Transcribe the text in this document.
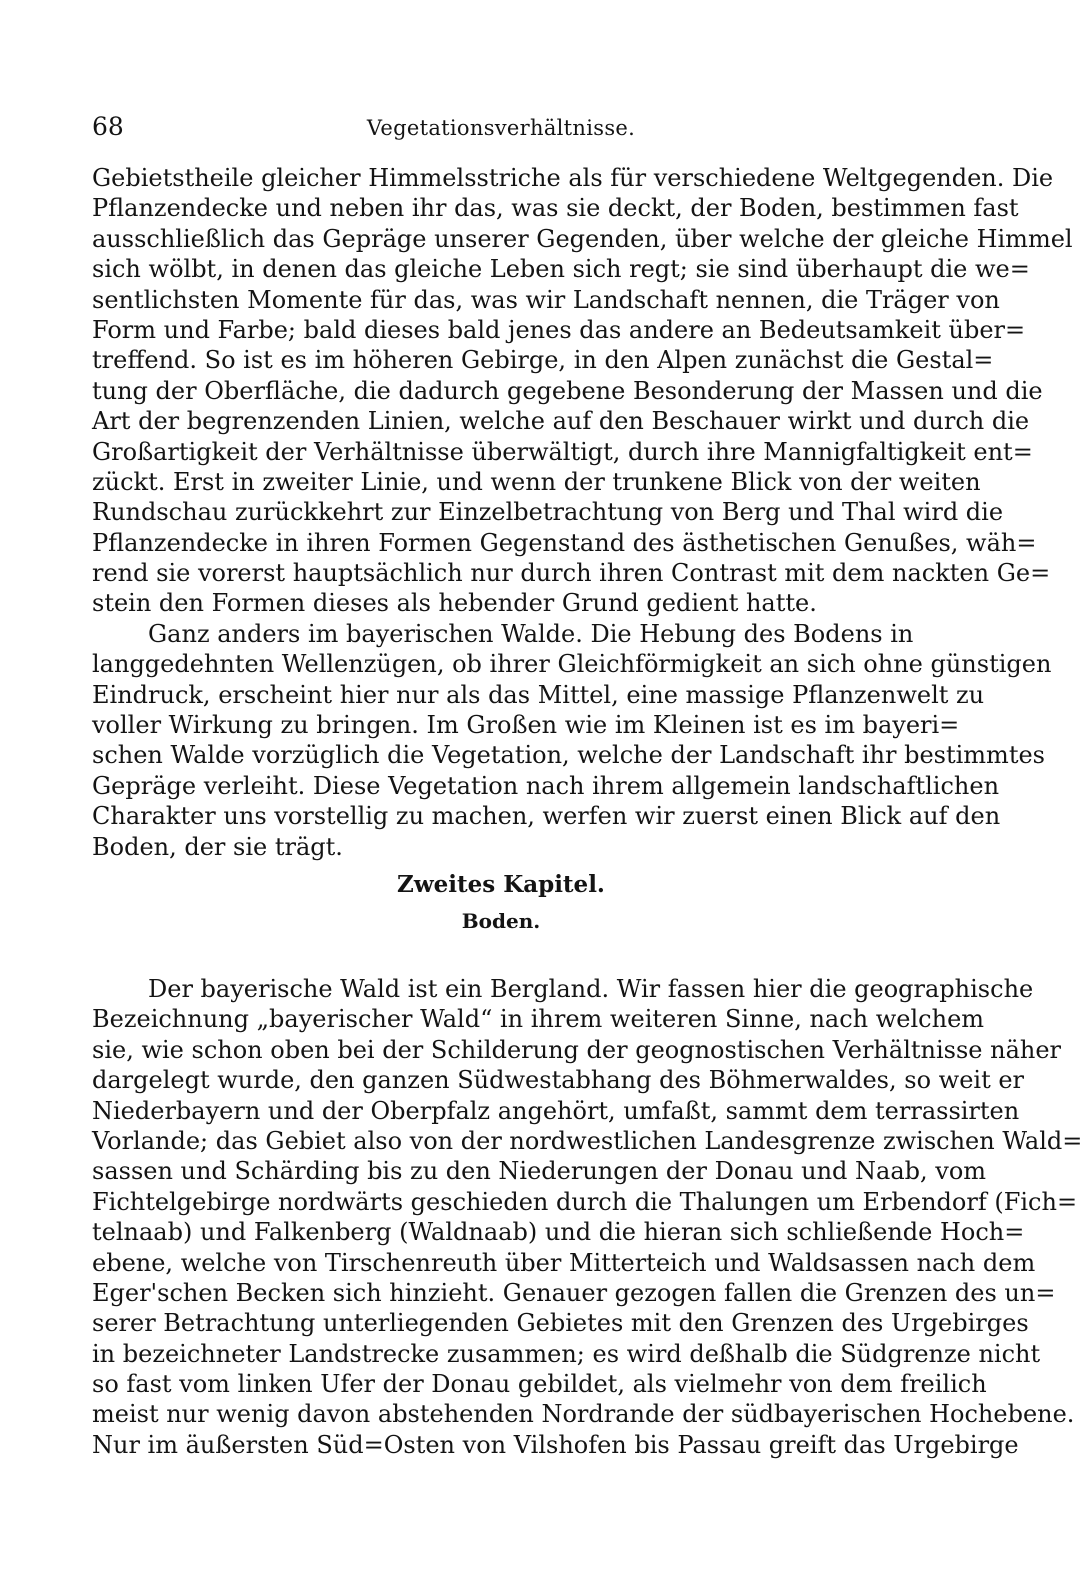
68	Vegetationsverhältnisse.
Gebietstheile gleicher Himmelsstriche als für verschiedene Weltgegenden. Die
Pflanzendecke und neben ihr das, was sie deckt, der Boden, bestimmen fast
ausschließlich das Gepräge unserer Gegenden, über welche der gleiche Himmel
sich wölbt, in denen das gleiche Leben sich regt; sie sind überhaupt die we=
sentlichsten Momente für das, was wir Landschaft nennen, die Träger von
Form und Farbe; bald dieses bald jenes das andere an Bedeutsamkeit über=
treffend. So ist es im höheren Gebirge, in den Alpen zunächst die Gestal=
tung der Oberfläche, die dadurch gegebene Besonderung der Massen und die
Art der begrenzenden Linien, welche auf den Beschauer wirkt und durch die
Großartigkeit der Verhältnisse überwältigt, durch ihre Mannigfaltigkeit ent=
zückt. Erst in zweiter Linie, und wenn der trunkene Blick von der weiten
Rundschau zurückkehrt zur Einzelbetrachtung von Berg und Thal wird die
Pflanzendecke in ihren Formen Gegenstand des ästhetischen Genußes, wäh=
rend sie vorerst hauptsächlich nur durch ihren Contrast mit dem nackten Ge=
stein den Formen dieses als hebender Grund gedient hatte.
Ganz anders im bayerischen Walde. Die Hebung des Bodens in
langgedehnten Wellenzügen, ob ihrer Gleichförmigkeit an sich ohne günstigen
Eindruck, erscheint hier nur als das Mittel, eine massige Pflanzenwelt zu
voller Wirkung zu bringen. Im Großen wie im Kleinen ist es im bayeri=
schen Walde vorzüglich die Vegetation, welche der Landschaft ihr bestimmtes
Gepräge verleiht. Diese Vegetation nach ihrem allgemein landschaftlichen
Charakter uns vorstellig zu machen, werfen wir zuerst einen Blick auf den
Boden, der sie trägt.
Zweites Kapitel.
Boden.
Der bayerische Wald ist ein Bergland. Wir fassen hier die geographische
Bezeichnung „bayerischer Wald“ in ihrem weiteren Sinne, nach welchem
sie, wie schon oben bei der Schilderung der geognostischen Verhältnisse näher
dargelegt wurde, den ganzen Südwestabhang des Böhmerwaldes, so weit er
Niederbayern und der Oberpfalz angehört, umfaßt, sammt dem terrassirten
Vorlande; das Gebiet also von der nordwestlichen Landesgrenze zwischen Wald=
sassen und Schärding bis zu den Niederungen der Donau und Naab, vom
Fichtelgebirge nordwärts geschieden durch die Thalungen um Erbendorf (Fich=
telnaab) und Falkenberg (Waldnaab) und die hieran sich schließende Hoch=
ebene, welche von Tirschenreuth über Mitterteich und Waldsassen nach dem
Eger'schen Becken sich hinzieht. Genauer gezogen fallen die Grenzen des un=
serer Betrachtung unterliegenden Gebietes mit den Grenzen des Urgebirges
in bezeichneter Landstrecke zusammen; es wird deßhalb die Südgrenze nicht
so fast vom linken Ufer der Donau gebildet, als vielmehr von dem freilich
meist nur wenig davon abstehenden Nordrande der südbayerischen Hochebene.
Nur im äußersten Süd=Osten von Vilshofen bis Passau greift das Urgebirge
